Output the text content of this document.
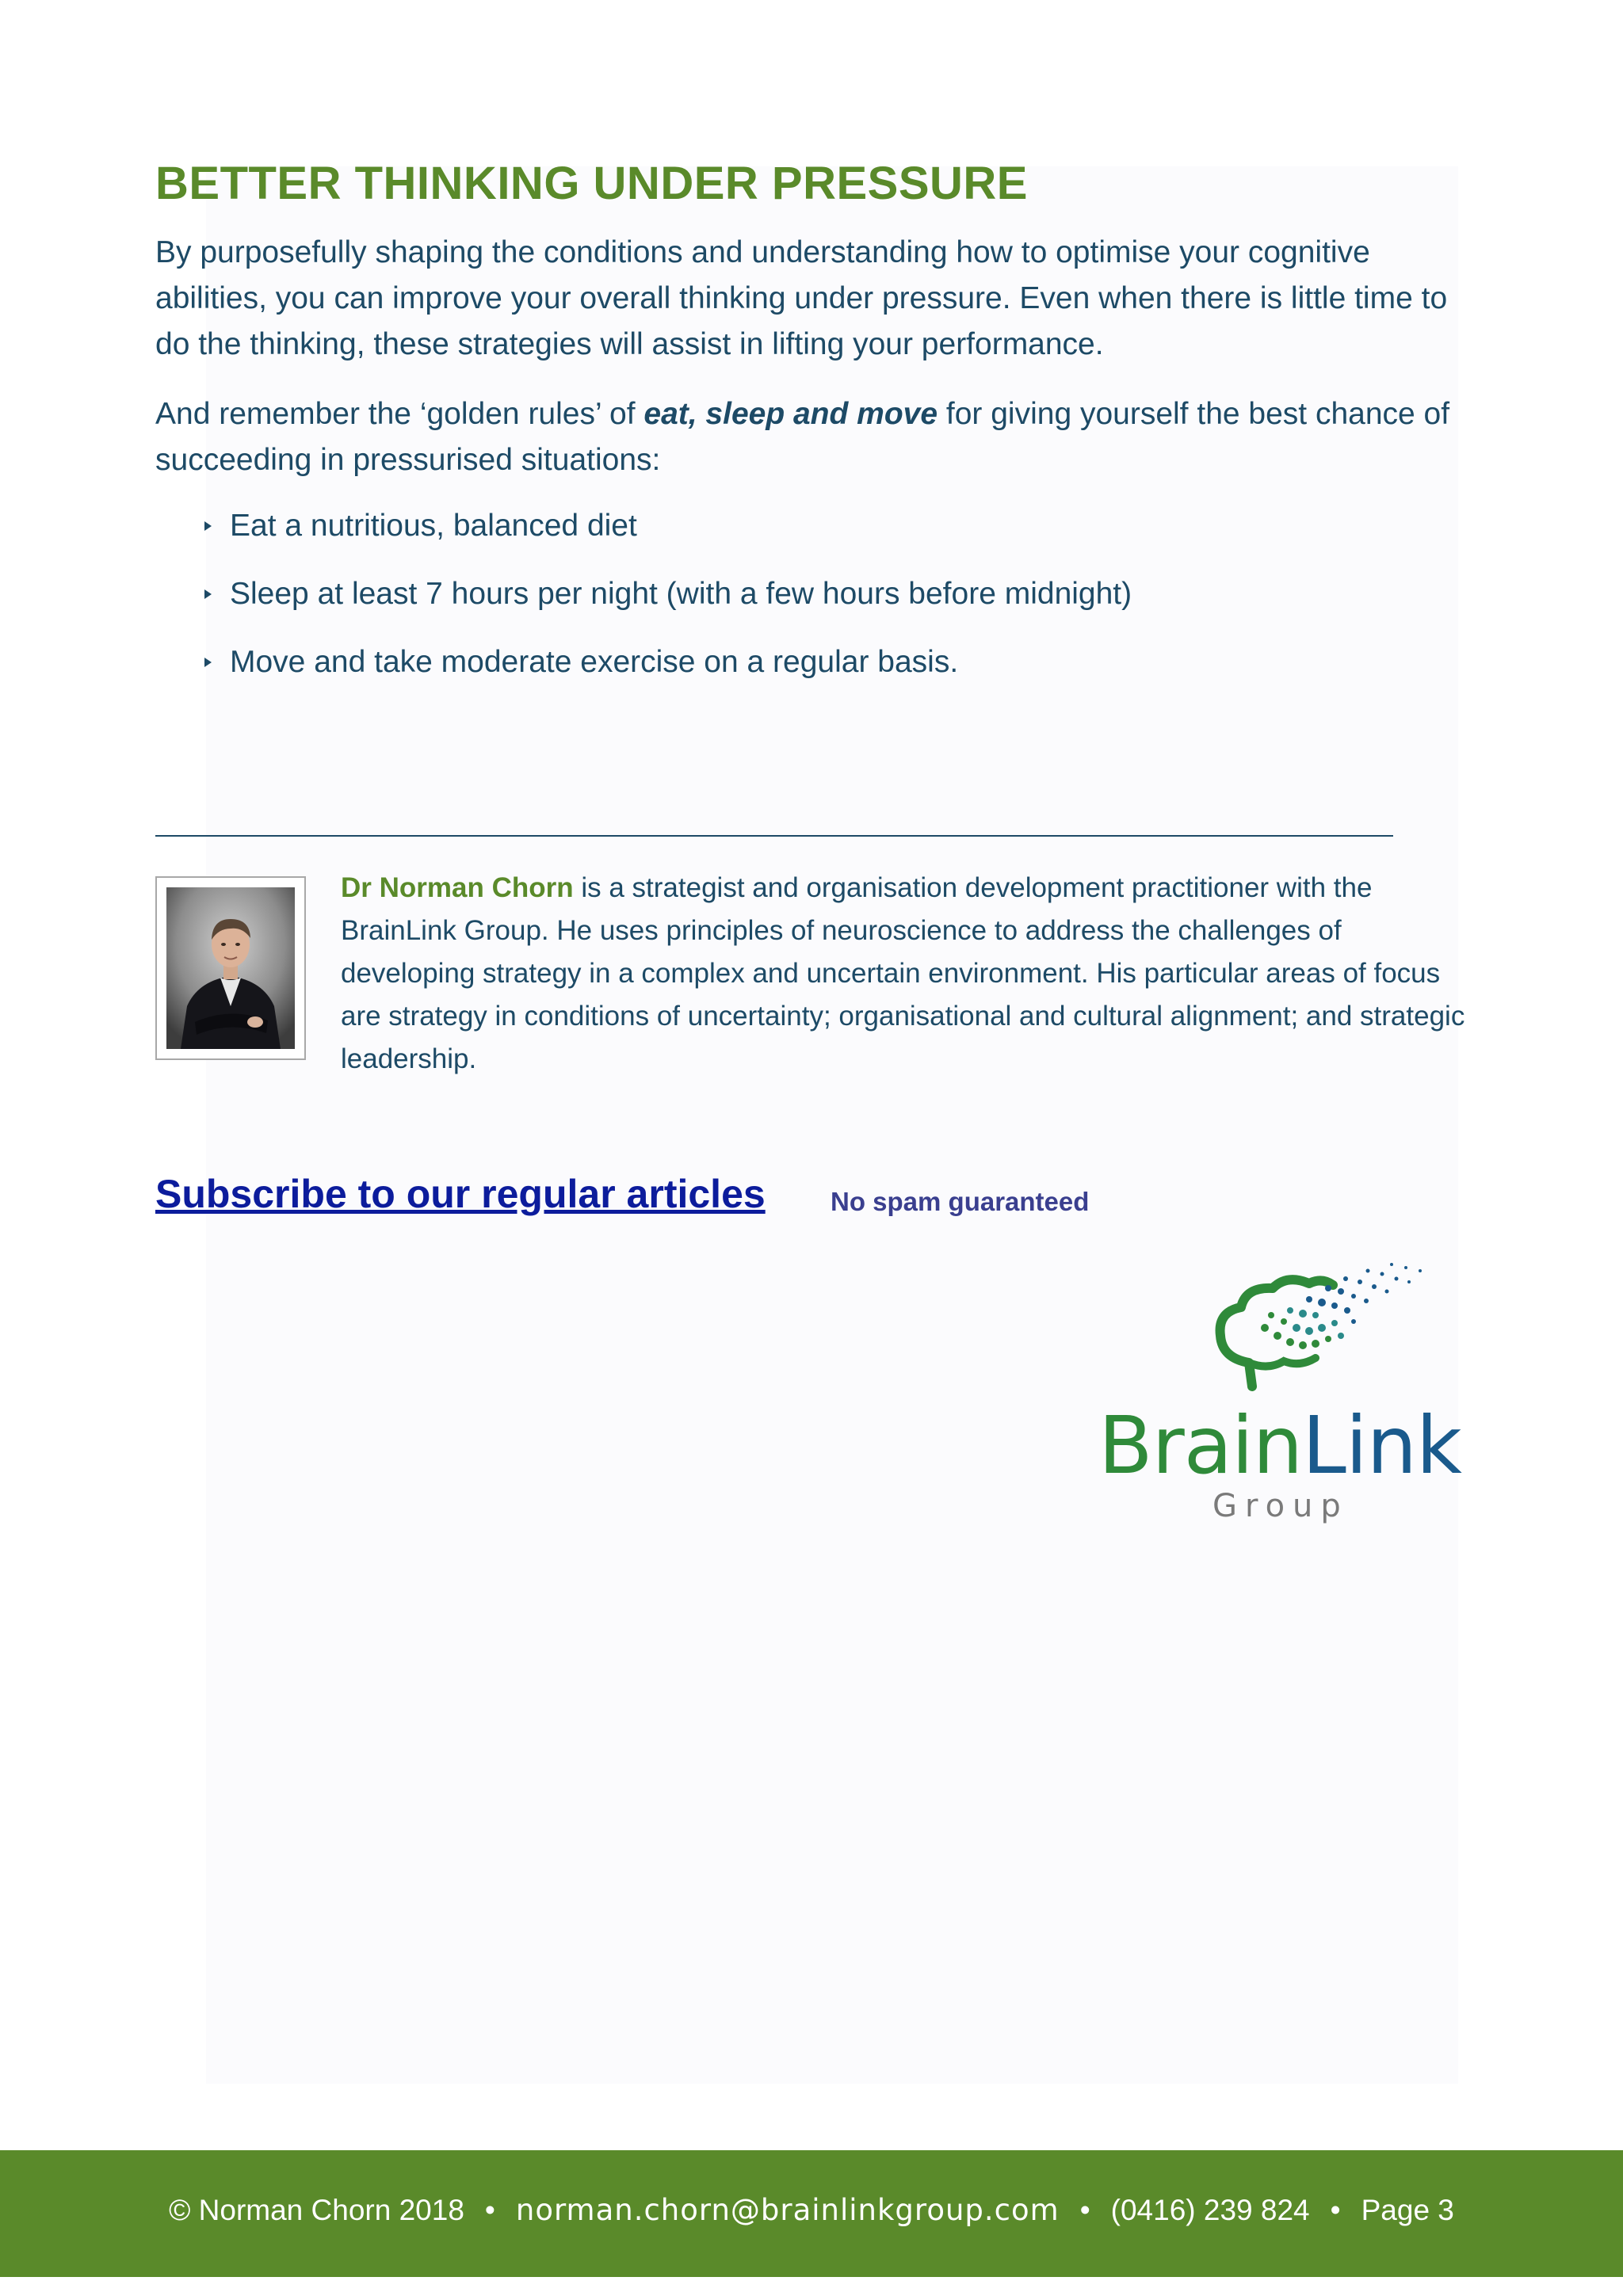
BETTER THINKING UNDER PRESSURE

By purposefully shaping the conditions and understanding how to optimise your cognitive abilities, you can improve your overall thinking under pressure. Even when there is little time to do the thinking, these strategies will assist in lifting your performance.

And remember the ‘golden rules’ of eat, sleep and move for giving yourself the best chance of succeeding in pressurised situations:

Eat a nutritious, balanced diet
Sleep at least 7 hours per night (with a few hours before midnight)
Move and take moderate exercise on a regular basis.

Dr Norman Chorn is a strategist and organisation development practitioner with the BrainLink Group. He uses principles of neuroscience to address the challenges of developing strategy in a complex and uncertain environment. His particular areas of focus are strategy in conditions of uncertainty; organisational and cultural alignment; and strategic leadership.

Subscribe to our regular articles No spam guaranteed
BrainLink
Group
© Norman Chorn 2018 • norman.chorn@brainlinkgroup.com • (0416) 239 824 • Page 3
